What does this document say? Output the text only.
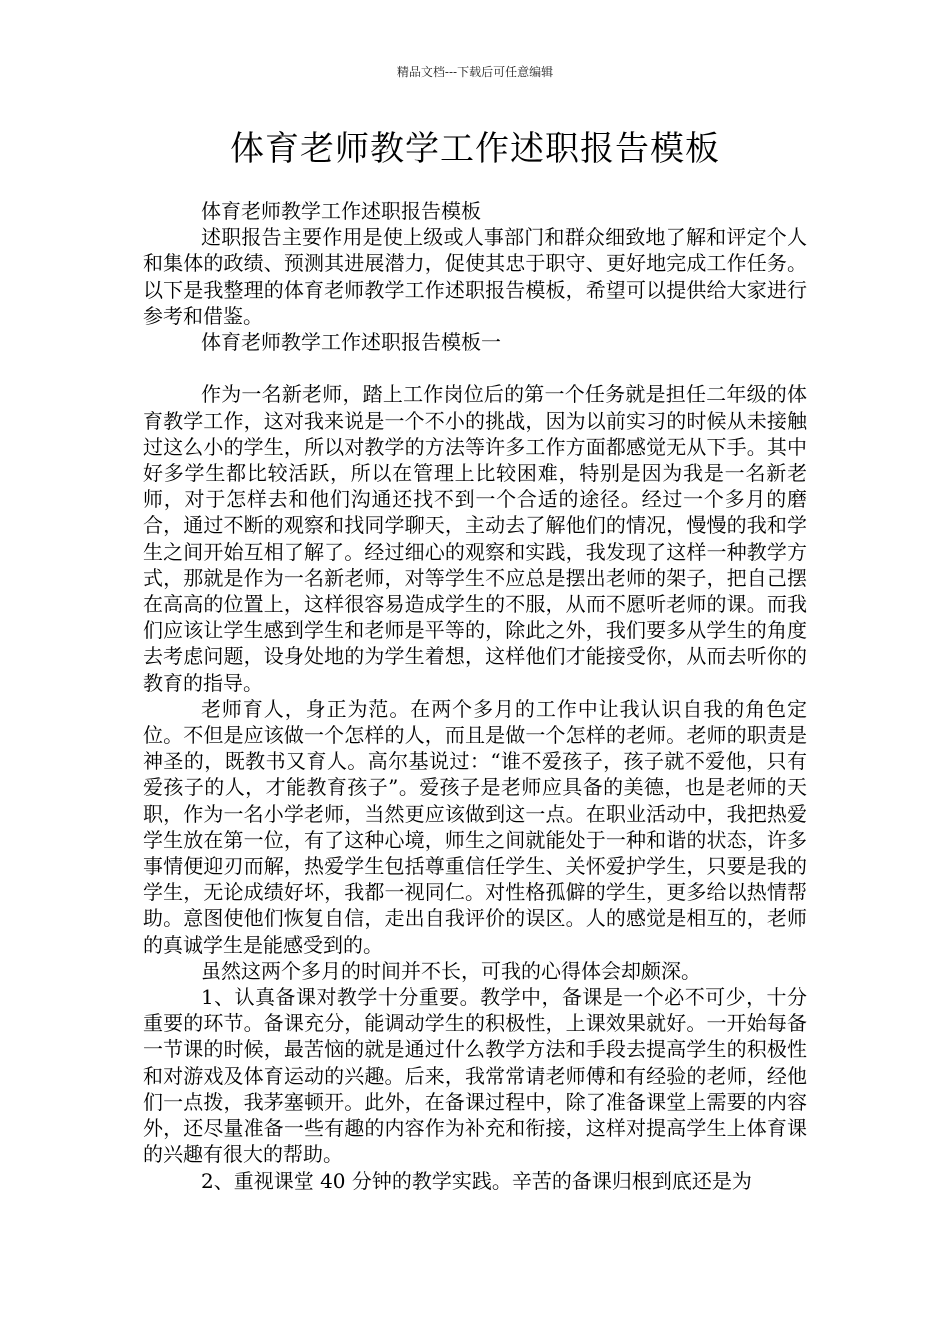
精品文档---下载后可任意编辑
体育老师教学工作述职报告模板

体育老师教学工作述职报告模板

述职报告主要作用是使上级或人事部门和群众细致地了解和评定个人和集体的政绩、预测其进展潜力，促使其忠于职守、更好地完成工作任务。以下是我整理的体育老师教学工作述职报告模板，希望可以提供给大家进行参考和借鉴。

体育老师教学工作述职报告模板一

作为一名新老师，踏上工作岗位后的第一个任务就是担任二年级的体育教学工作，这对我来说是一个不小的挑战，因为以前实习的时候从未接触过这么小的学生，所以对教学的方法等许多工作方面都感觉无从下手。其中好多学生都比较活跃，所以在管理上比较困难，特别是因为我是一名新老师，对于怎样去和他们沟通还找不到一个合适的途径。经过一个多月的磨合，通过不断的观察和找同学聊天，主动去了解他们的情况，慢慢的我和学生之间开始互相了解了。经过细心的观察和实践，我发现了这样一种教学方式，那就是作为一名新老师，对等学生不应总是摆出老师的架子，把自己摆在高高的位置上，这样很容易造成学生的不服，从而不愿听老师的课。而我们应该让学生感到学生和老师是平等的，除此之外，我们要多从学生的角度去考虑问题，设身处地的为学生着想，这样他们才能接受你，从而去听你的教育的指导。

老师育人，身正为范。在两个多月的工作中让我认识自我的角色定位。不但是应该做一个怎样的人，而且是做一个怎样的老师。老师的职责是神圣的，既教书又育人。高尔基说过：“谁不爱孩子，孩子就不爱他，只有爱孩子的人，才能教育孩子”。爱孩子是老师应具备的美德，也是老师的天职，作为一名小学老师，当然更应该做到这一点。在职业活动中，我把热爱学生放在第一位，有了这种心境，师生之间就能处于一种和谐的状态，许多事情便迎刃而解，热爱学生包括尊重信任学生、关怀爱护学生，只要是我的学生，无论成绩好坏，我都一视同仁。对性格孤僻的学生，更多给以热情帮助。意图使他们恢复自信，走出自我评价的误区。人的感觉是相互的，老师的真诚学生是能感受到的。

虽然这两个多月的时间并不长，可我的心得体会却颇深。

1、认真备课对教学十分重要。教学中，备课是一个必不可少，十分重要的环节。备课充分，能调动学生的积极性，上课效果就好。一开始每备一节课的时候，最苦恼的就是通过什么教学方法和手段去提高学生的积极性和对游戏及体育运动的兴趣。后来，我常常请老师傅和有经验的老师，经他们一点拨，我茅塞顿开。此外，在备课过程中，除了准备课堂上需要的内容外，还尽量准备一些有趣的内容作为补充和衔接，这样对提高学生上体育课的兴趣有很大的帮助。

2、重视课堂 40 分钟的教学实践。辛苦的备课归根到底还是为
